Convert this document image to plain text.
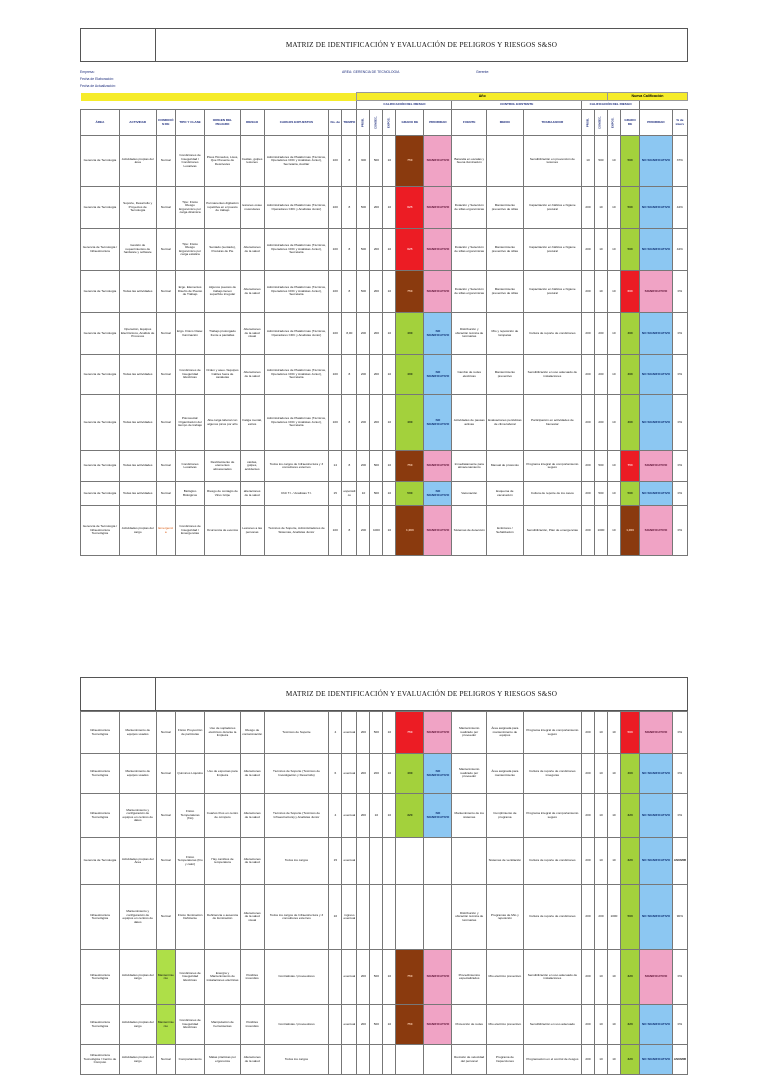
MATRIZ DE IDENTIFICACIÓN Y EVALUACIÓN DE PELIGROS Y RIESGOS S&SO
Empresa:
Fecha de Elaboración:
Fecha de Actualización:
AREA: GERENCIA DE TECNOLOGIA	Gerente:
									Año										Nueva Calificación			
									CALIFICACIÓN DEL RIESGO					CONTROL EXISTENTE			CALIFICACIÓN DEL RIESGO					
ÁREA	ACTIVIDAD	CONDICIÓN DE	TIPO Y CLASE	ORIGEN DEL PELIGRO	RIESGO	CARGOS EXPUESTOS	No. de	TIEMPO	PROB.	CONSEC.	EXPOS.	GRADO DE	PRIORIDAD	FUENTE	MEDIO	TRABAJADOR	PROB.	CONSEC.	EXPOS.	GRADO DE	PRIORIDAD	% de interv
Gerencia de Tecnología	Actividades propias del área	Normal	Condiciones de Inseguridad / Condiciones Locativas	Pisos Húmedos, Lisos, Que Presente de Desniveles	Caídas, golpes lesiones	Administradores de Plataformas (Técnicos, Operadores CDC y Analistas Junior), Secretaria, Auxiliar	100	8	300	500	10	750	SIGNIFICATIVO	Baranda en escalas y buena iluminación		Sensibilización en prevención de lesiones	10	500	10	500	NO SIGNIFICATIVO	37%
Gerencia de Tecnología	Soporte, Desarrollo y Proyectos de Tecnología	Normal	Tipo: Físico Riesgo Ergonómico por carga dinámica	Permanentes digitación repetitiva en el puesto de trabajo	lesiones osteo musculares	Administradores de Plataformas (Técnicos, Operadores CDC y Analistas Junior)	100	8	500	200	10	625	SIGNIFICATIVO	Dotación y Selección de sillas ergonómicas	Mantenimiento preventivo de sillas	Capacitación en hábitos e higiene postural	200	10	10	500	NO SIGNIFICATIVO	42%
Gerencia de Tecnología / Infraestructura	Gestión de requerimientos de hardware y software	Normal	Tipo: Físico Riesgo Ergonómico por carga estática	Sentado (sentado), Posturas de Pie	Alteraciones de la salud	Administradores de Plataformas (Técnicos, Operadores CDC y Analistas Junior), Secretaria	100	8	500	200	10	625	SIGNIFICATIVO	Dotación y Selección de sillas ergonómicas	Mantenimiento preventivo de sillas	Capacitación en hábitos e higiene postural	200	10	10	500	NO SIGNIFICATIVO	42%
Gerencia de Tecnología	Todas las actividades	Normal	Ergo. Elementos Diseño de Puesto de Trabajo	Algunos puestos de trabajo tienen superficie irregular	Alteraciones de la salud	Administradores de Plataformas (Técnicos, Operadores CDC y Analistas Junior), Secretaria	100	8	500	200	10	750	SIGNIFICATIVO	Dotación y Selección de sillas ergonómicas	Mantenimiento preventivo de sillas	Capacitación en hábitos e higiene postural	200	10	10	600	SIGNIFICATIVO	0%
Gerencia de Tecnología	Operación, Equipos Electrónicos, Análisis de Procesos	Normal	Ergo. Físico Clase: Iluminación	Trabajo prolongado frente a pantallas	Alteraciones de la salud visual	Administradores de Plataformas (Técnicos, Operadores CDC y Analistas Junior)	100	8,00	200	200	10	400	NO SIGNIFICATIVO	Distribución y ubicación técnica de luminarias	Mto y reposición de lámparas	Cultura de reporte de condiciones	200	200	10	400	NO SIGNIFICATIVO	0%
Gerencia de Tecnología	Todas las actividades	Normal	Condiciones de Inseguridad Eléctricas	Orden y aseo / Equipos Cables fuera de canaletas	Alteraciones de la salud	Administradores de Plataformas (Técnicos, Operadores CDC y Analistas Junior), Secretaria	100	8	200	200	10	400	NO SIGNIFICATIVO	Cambio de redes eléctricas	Mantenimiento preventivo	Sensibilización en uso adecuado de instalaciones	200	200	10	400	NO SIGNIFICATIVO	0%
Gerencia de Tecnología	Todas las actividades	Normal	Psicosocial: Organización del tiempo de trabajo	Alta carga laboral con algunos picos por año	Fatiga mental, estrés	Administradores de Plataformas (Técnicos, Operadores CDC y Analistas Junior), Secretaria	100	8	200	200	10	400	NO SIGNIFICATIVO	Actividades de pausas activas	Evaluaciones periódicas de clima laboral	Participación en actividades de bienestar	200	200	10	400	NO SIGNIFICATIVO	0%
Gerencia de Tecnología	Todas las actividades	Normal	Condiciones Locativas	Deslizamiento de elementos almacenados	caídas, golpes, accidentes	Todos los cargos de Infraestructura y 3 consultores externos	14	8	200	500	10	750	SIGNIFICATIVO	Inmediatamente para almacenamiento	Manual de protocolo	Programa integral de comportamiento seguro	200	500	10	750	SIGNIFICATIVO	0%
Gerencia de Tecnología	Todas las actividades	Normal	Biológico Biológicos	Riesgo de contagio de Virus Gripe	alteraciones de la salud	Cfdr T.I. / Analistas T.I.	15	esporádico	10	500	10	500	NO SIGNIFICATIVO	Vacunación	Esquema de vacunación	Cultura de reporte de los casos	200	500	10	500	NO SIGNIFICATIVO	0%
Gerencia de Tecnología / Infraestructura Tecnológica	Actividades propias del cargo	Emergencia	Condiciones de Inseguridad / Emergencias	Ocurrencia de eventos	Lesiones a las personas	Técnicos de Soporte, Administradores de Sistemas, Analistas Junior	100	8	200	1000	10	1,000	SIGNIFICATIVO	Sistemas de detección	Extintores / Señalización	Sensibilización, Plan de emergencias	200	1000	10	1,000	SIGNIFICATIVO	0%
MATRIZ DE IDENTIFICACIÓN Y EVALUACIÓN DE PELIGROS Y RIESGOS S&SO
Infraestructura Tecnológica	Mantenimiento de equipos usados	Normal	Físico Proyección de partículas	Uso de sopladores eléctricos durante la limpieza	Riesgo de contaminación	Técnicos de Soporte	4	eventual	200	500	10	750	SIGNIFICATIVO	Mantenimiento realizado por proveedor	Área asignada para mantenimiento de equipos	Programa integral de comportamiento seguro	200	10	10	500	SIGNIFICATIVO	0%
Infraestructura Tecnológica	Mantenimiento de equipos usados	Normal	Químicos Líquidos	Uso de espumas para limpieza	Alteraciones de la salud	Técnicos de Soporte (Técnicos de Investigación y Desarrollo)	6	eventual	200	200	10	400	NO SIGNIFICATIVO	Mantenimiento realizado por proveedor	Área asignada para mantenimiento	Cultura de reporte de condiciones inseguras	200	10	10	400	NO SIGNIFICATIVO	0%
Infraestructura Tecnológica	Mantenimiento y configuración de equipos en centros de datos	Normal	Físico Temperaturas (frío)	Cuartos fríos en centro de cómputo	Alteraciones de la salud	Técnicos de Soporte (Técnicos de Infraestructura) y Analistas Junior	4	eventual	200	10	10	320	NO SIGNIFICATIVO	Mantenimiento de los sistemas	Cumplimiento de programa	Programa integral de comportamiento seguro	200	10	10	320	NO SIGNIFICATIVO	0%
Gerencia de Tecnología	Actividades propias del Área	Normal	Físico Temperaturas (frío y calor)	Hay cambios de temperatura	Alteraciones de la salud	Todos los cargos	15	eventual							Sistemas de ventilación	Cultura de reporte de condiciones	200	10	10	320	NO SIGNIFICATIVO	ASUMIR
Infraestructura Tecnológica	Mantenimiento y configuración de equipos en centros de datos	Normal	Físico Iluminación Deficiente	Deficiencia o ausencia de iluminación	Alteraciones de la salud visual	Todos los cargos de Infraestructura y 3 consultores externos	10	ingreso eventual						Distribución y ubicación técnica de luminarias	Programas de Mto y reposición	Cultura de reporte de condiciones	200	200	1000	500	NO SIGNIFICATIVO	90%
Infraestructura Tecnológica	Actividades propias del cargo	Mantenimiento	Condiciones de Inseguridad Eléctricas	Energía y Mantenimiento de instalaciones eléctricas	Posibles incendios	Contratistas / proveedores		eventual	200	500	10	750	SIGNIFICATIVO	Procedimientos especializados	Mto eléctrico preventivo	Sensibilización en uso adecuado de instalaciones	200	10	10	320	SIGNIFICATIVO	0%
Infraestructura Tecnológica	Actividades propias del cargo	Mantenimiento	Condiciones de Inseguridad Eléctricas	Manipulación de herramientas	Posibles incendios	Contratistas / proveedores		eventual	200	500	10	750	SIGNIFICATIVO	Protección de redes	Mto eléctrico preventivo	Sensibilización en uso adecuado	200	10	10	320	NO SIGNIFICATIVO	0%
Infraestructura Tecnológica / Centro de Cómputo	Actividades propias del cargo	Normal	Comportamiento	Malas prácticas por ergonomía	Alteraciones de la salud	Todos los cargos								Revisión de velocidad del personal	Programa de Inspecciones	Programación en el control de riesgos	200	10	10	320	NO SIGNIFICATIVO	ASUMIR
